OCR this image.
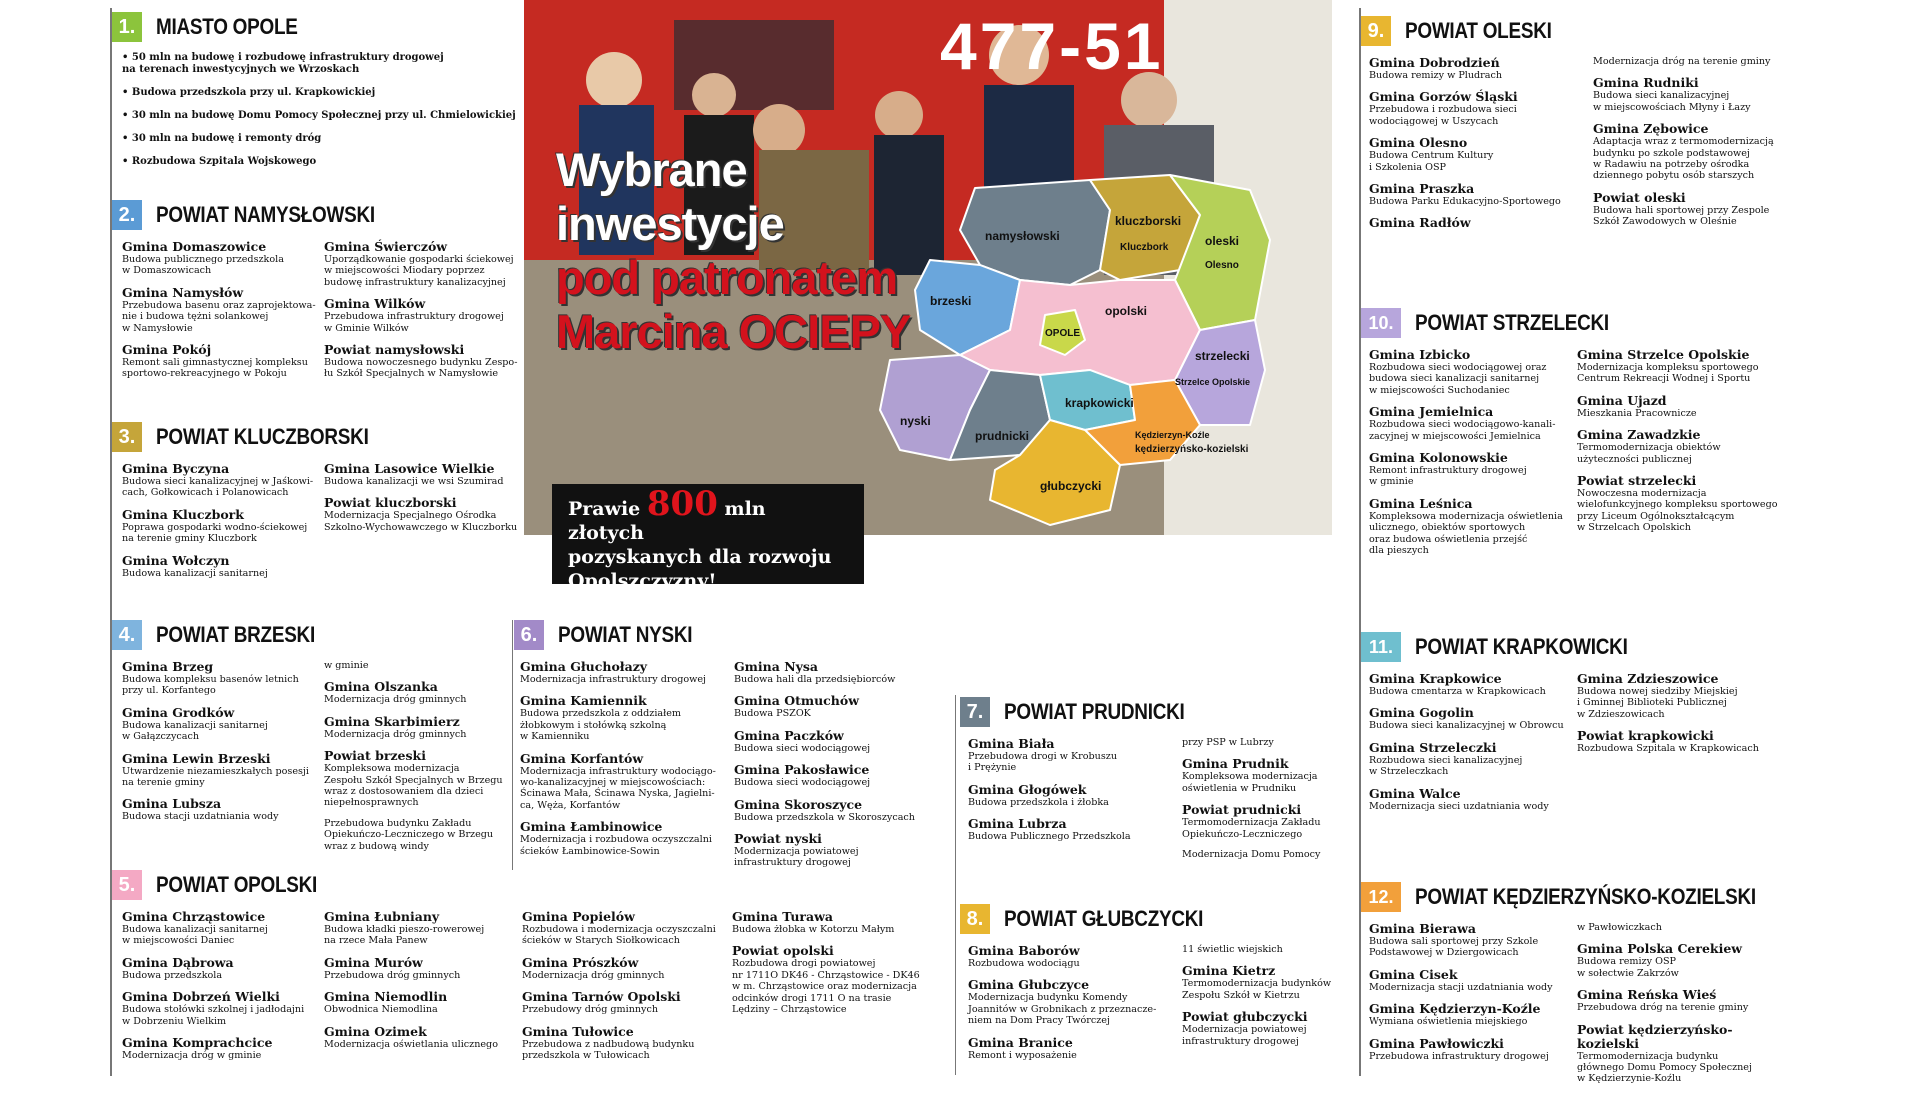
477-51
namysłowski
kluczborski
Kluczbork	oleski
Olesno
brzeski
opolski
OPOLE
strzelecki
Strzelce Opolskie
nyski
prudnicki
krapkowicki
Kędzierzyn-Koźle
kędzierzyńsko-kozielski
głubczycki
Wybrane
inwestycje
pod patronatem
Marcina OCIEPY
Prawie 800 mln złotych
pozyskanych dla rozwoju
Opolszczyzny!
1. MIASTO OPOLE
• 50 mln na budowę i rozbudowę infrastruktury drogowej
na terenach inwestycyjnych we Wrzoskach
• Budowa przedszkola przy ul. Krapkowickiej
• 30 mln na budowę Domu Pomocy Społecznej przy ul. Chmielowickiej
• 30 mln na budowę i remonty dróg
• Rozbudowa Szpitala Wojskowego
2. POWIAT NAMYSŁOWSKI
Gmina Domaszowice
Budowa publicznego przedszkola
w Domaszowicach
Gmina Namysłów
Przebudowa basenu oraz zaprojektowa-
nie i budowa tężni solankowej
w Namysłowie
Gmina Pokój
Remont sali gimnastycznej kompleksu
sportowo-rekreacyjnego w Pokoju
Gmina Świerczów
Uporządkowanie gospodarki ściekowej
w miejscowości Miodary poprzez
budowę infrastruktury kanalizacyjnej
Gmina Wilków
Przebudowa infrastruktury drogowej
w Gminie Wilków
Powiat namysłowski
Budowa nowoczesnego budynku Zespo-
łu Szkół Specjalnych w Namysłowie
3. POWIAT KLUCZBORSKI
Gmina Byczyna
Budowa sieci kanalizacyjnej w Jaśkowi-
cach, Gołkowicach i Polanowicach
Gmina Kluczbork
Poprawa gospodarki wodno-ściekowej
na terenie gminy Kluczbork
Gmina Wołczyn
Budowa kanalizacji sanitarnej
Gmina Lasowice Wielkie
Budowa kanalizacji we wsi Szumirad
Powiat kluczborski
Modernizacja Specjalnego Ośrodka
Szkolno-Wychowawczego w Kluczborku
4. POWIAT BRZESKI
Gmina Brzeg
Budowa kompleksu basenów letnich
przy ul. Korfantego
Gmina Grodków
Budowa kanalizacji sanitarnej
w Gałązczycach
Gmina Lewin Brzeski
Utwardzenie niezamieszkałych posesji
na terenie gminy
Gmina Lubsza
Budowa stacji uzdatniania wody
w gminie
Gmina Olszanka
Modernizacja dróg gminnych
Gmina Skarbimierz
Modernizacja dróg gminnych
Powiat brzeski
Kompleksowa modernizacja
Zespołu Szkół Specjalnych w Brzegu
wraz z dostosowaniem dla dzieci
niepełnosprawnych
Przebudowa budynku Zakładu
Opiekuńczo-Leczniczego w Brzegu
wraz z budową windy
5. POWIAT OPOLSKI
Gmina Chrząstowice
Budowa kanalizacji sanitarnej
w miejscowości Daniec
Gmina Dąbrowa
Budowa przedszkola
Gmina Dobrzeń Wielki
Budowa stołówki szkolnej i jadłodajni
w Dobrzeniu Wielkim
Gmina Komprachcice
Modernizacja dróg w gminie
Gmina Łubniany
Budowa kładki pieszo-rowerowej
na rzece Mała Panew
Gmina Murów
Przebudowa dróg gminnych
Gmina Niemodlin
Obwodnica Niemodlina
Gmina Ozimek
Modernizacja oświetlania ulicznego
Gmina Popielów
Rozbudowa i modernizacja oczyszczalni
ścieków w Starych Siołkowicach
Gmina Prószków
Modernizacja dróg gminnych
Gmina Tarnów Opolski
Przebudowy dróg gminnych
Gmina Tułowice
Przebudowa z nadbudową budynku
przedszkola w Tułowicach
Gmina Turawa
Budowa żłobka w Kotorzu Małym
Powiat opolski
Rozbudowa drogi powiatowej
nr 1711O DK46 - Chrząstowice - DK46
w m. Chrząstowice oraz modernizacja
odcinków drogi 1711 O na trasie
Lędziny – Chrząstowice
6. POWIAT NYSKI
Gmina Głuchołazy
Modernizacja infrastruktury drogowej
Gmina Kamiennik
Budowa przedszkola z oddziałem
żłobkowym i stołówką szkolną
w Kamienniku
Gmina Korfantów
Modernizacja infrastruktury wodociągo-
wo-kanalizacyjnej w miejscowościach:
Ścinawa Mała, Ścinawa Nyska, Jagielni-
ca, Węża, Korfantów
Gmina Łambinowice
Modernizacja i rozbudowa oczyszczalni
ścieków Łambinowice-Sowin
Gmina Nysa
Budowa hali dla przedsiębiorców
Gmina Otmuchów
Budowa PSZOK
Gmina Paczków
Budowa sieci wodociągowej
Gmina Pakosławice
Budowa sieci wodociągowej
Gmina Skoroszyce
Budowa przedszkola w Skoroszycach
Powiat nyski
Modernizacja powiatowej
infrastruktury drogowej
7. POWIAT PRUDNICKI
Gmina Biała
Przebudowa drogi w Krobuszu
i Prężynie
Gmina Głogówek
Budowa przedszkola i żłobka
Gmina Lubrza
Budowa Publicznego Przedszkola
przy PSP w Lubrzy
Gmina Prudnik
Kompleksowa modernizacja
oświetlenia w Prudniku
Powiat prudnicki
Termomodernizacja Zakładu
Opiekuńczo-Leczniczego
Modernizacja Domu Pomocy
8. POWIAT GŁUBCZYCKI
Gmina Baborów
Rozbudowa wodociągu
Gmina Głubczyce
Modernizacja budynku Komendy
Joannitów w Grobnikach z przeznacze-
niem na Dom Pracy Twórczej
Gmina Branice
Remont i wyposażenie
11 świetlic wiejskich
Gmina Kietrz
Termomodernizacja budynków
Zespołu Szkół w Kietrzu
Powiat głubczycki
Modernizacja powiatowej
infrastruktury drogowej
9. POWIAT OLESKI
Gmina Dobrodzień
Budowa remizy w Pludrach
Gmina Gorzów Śląski
Przebudowa i rozbudowa sieci
wodociągowej w Uszycach
Gmina Olesno
Budowa Centrum Kultury
i Szkolenia OSP
Gmina Praszka
Budowa Parku Edukacyjno-Sportowego
Gmina Radłów
Modernizacja dróg na terenie gminy
Gmina Rudniki
Budowa sieci kanalizacyjnej
w miejscowościach Młyny i Łazy
Gmina Zębowice
Adaptacja wraz z termomodernizacją
budynku po szkole podstawowej
w Radawiu na potrzeby ośrodka
dziennego pobytu osób starszych
Powiat oleski
Budowa hali sportowej przy Zespole
Szkół Zawodowych w Oleśnie
10. POWIAT STRZELECKI
Gmina Izbicko
Rozbudowa sieci wodociągowej oraz
budowa sieci kanalizacji sanitarnej
w miejscowości Suchodaniec
Gmina Jemielnica
Rozbudowa sieci wodociągowo-kanali-
zacyjnej w miejscowości Jemielnica
Gmina Kolonowskie
Remont infrastruktury drogowej
w gminie
Gmina Leśnica
Kompleksowa modernizacja oświetlenia
ulicznego, obiektów sportowych
oraz budowa oświetlenia przejść
dla pieszych
Gmina Strzelce Opolskie
Modernizacja kompleksu sportowego
Centrum Rekreacji Wodnej i Sportu
Gmina Ujazd
Mieszkania Pracownicze
Gmina Zawadzkie
Termomodernizacja obiektów
użyteczności publicznej
Powiat strzelecki
Nowoczesna modernizacja
wielofunkcyjnego kompleksu sportowego
przy Liceum Ogólnokształcącym
w Strzelcach Opolskich
11. POWIAT KRAPKOWICKI
Gmina Krapkowice
Budowa cmentarza w Krapkowicach
Gmina Gogolin
Budowa sieci kanalizacyjnej w Obrowcu
Gmina Strzeleczki
Rozbudowa sieci kanalizacyjnej
w Strzeleczkach
Gmina Walce
Modernizacja sieci uzdatniania wody
Gmina Zdzieszowice
Budowa nowej siedziby Miejskiej
i Gminnej Biblioteki Publicznej
w Zdzieszowicach
Powiat krapkowicki
Rozbudowa Szpitala w Krapkowicach
12. POWIAT KĘDZIERZYŃSKO-KOZIELSKI
Gmina Bierawa
Budowa sali sportowej przy Szkole
Podstawowej w Dziergowicach
Gmina Cisek
Modernizacja stacji uzdatniania wody
Gmina Kędzierzyn-Koźle
Wymiana oświetlenia miejskiego
Gmina Pawłowiczki
Przebudowa infrastruktury drogowej
w Pawłowiczkach
Gmina Polska Cerekiew
Budowa remizy OSP
w sołectwie Zakrzów
Gmina Reńska Wieś
Przebudowa dróg na terenie gminy
Powiat kędzierzyńsko-kozielski
Termomodernizacja budynku
głównego Domu Pomocy Społecznej
w Kędzierzynie-Koźlu
